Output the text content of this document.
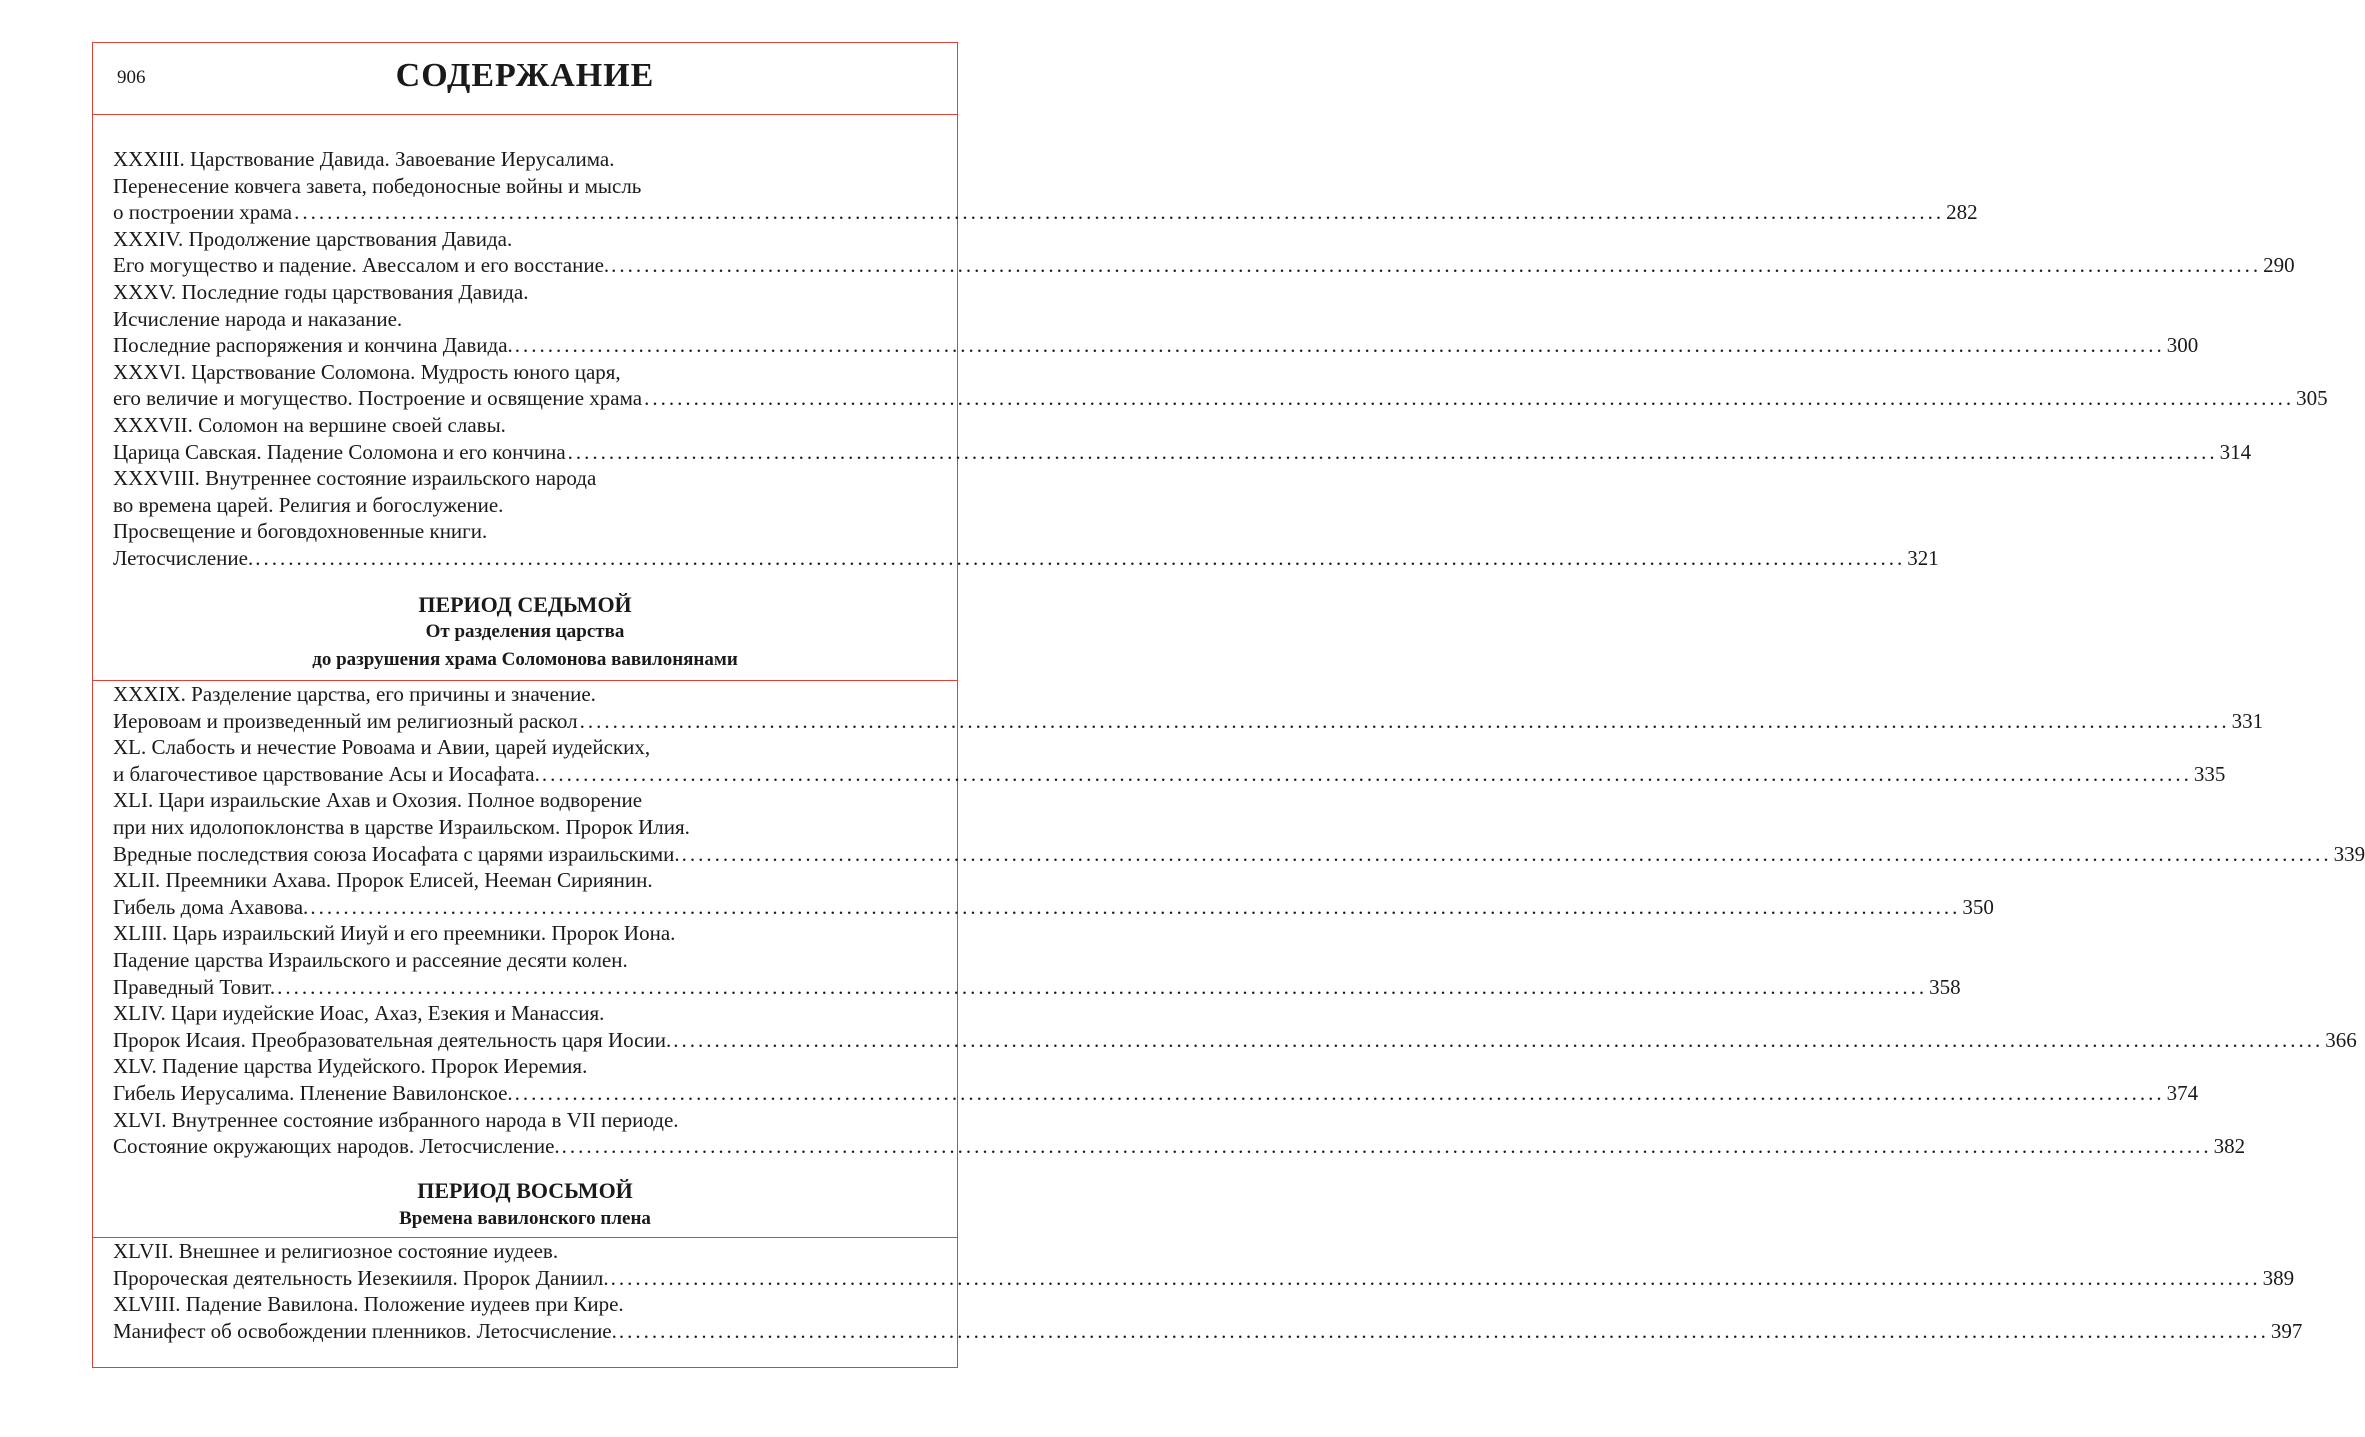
906	СОДЕРЖАНИЕ
XXXIII. Царствование Давида. Завоевание Иерусалима.
Перенесение ковчега завета, победоносные войны и мысль
о построении храма ........................................................................................................................................................................................................ 282
XXXIV. Продолжение царствования Давида.
Его могущество и падение. Авессалом и его восстание. ........................................................................................................................................................................................................ 290
XXXV. Последние годы царствования Давида.
Исчисление народа и наказание.
Последние распоряжения и кончина Давида. ........................................................................................................................................................................................................ 300
XXXVI. Царствование Соломона. Мудрость юного царя,
его величие и могущество. Построение и освящение храма ........................................................................................................................................................................................................ 305
XXXVII. Соломон на вершине своей славы.
Царица Савская. Падение Соломона и его кончина ........................................................................................................................................................................................................ 314
XXXVIII. Внутреннее состояние израильского народа
во времена царей. Религия и богослужение.
Просвещение и боговдохновенные книги.
Летосчисление. ........................................................................................................................................................................................................ 321
ПЕРИОД СЕДЬМОЙ
От разделения царства
до разрушения храма Соломонова вавилонянами
XXXIX. Разделение царства, его причины и значение.
Иеровоам и произведенный им религиозный раскол ........................................................................................................................................................................................................ 331
XL. Слабость и нечестие Ровоама и Авии, царей иудейских,
и благочестивое царствование Асы и Иосафата. ........................................................................................................................................................................................................ 335
XLI. Цари израильские Ахав и Охозия. Полное водворение
при них идолопоклонства в царстве Израильском. Пророк Илия.
Вредные последствия союза Иосафата с царями израильскими. ........................................................................................................................................................................................................ 339
XLII. Преемники Ахава. Пророк Елисей, Нееман Сириянин.
Гибель дома Ахавова. ........................................................................................................................................................................................................ 350
XLIII. Царь израильский Ииуй и его преемники. Пророк Иона.
Падение царства Израильского и рассеяние десяти колен.
Праведный Товит. ........................................................................................................................................................................................................ 358
XLIV. Цари иудейские Иоас, Ахаз, Езекия и Манассия.
Пророк Исаия. Преобразовательная деятельность царя Иосии. ........................................................................................................................................................................................................ 366
XLV. Падение царства Иудейского. Пророк Иеремия.
Гибель Иерусалима. Пленение Вавилонское. ........................................................................................................................................................................................................ 374
XLVI. Внутреннее состояние избранного народа в VII периоде.
Состояние окружающих народов. Летосчисление. ........................................................................................................................................................................................................ 382
ПЕРИОД ВОСЬМОЙ
Времена вавилонского плена
XLVII. Внешнее и религиозное состояние иудеев.
Пророческая деятельность Иезекииля. Пророк Даниил. ........................................................................................................................................................................................................ 389
XLVIII. Падение Вавилона. Положение иудеев при Кире.
Манифест об освобождении пленников. Летосчисление. ........................................................................................................................................................................................................ 397
